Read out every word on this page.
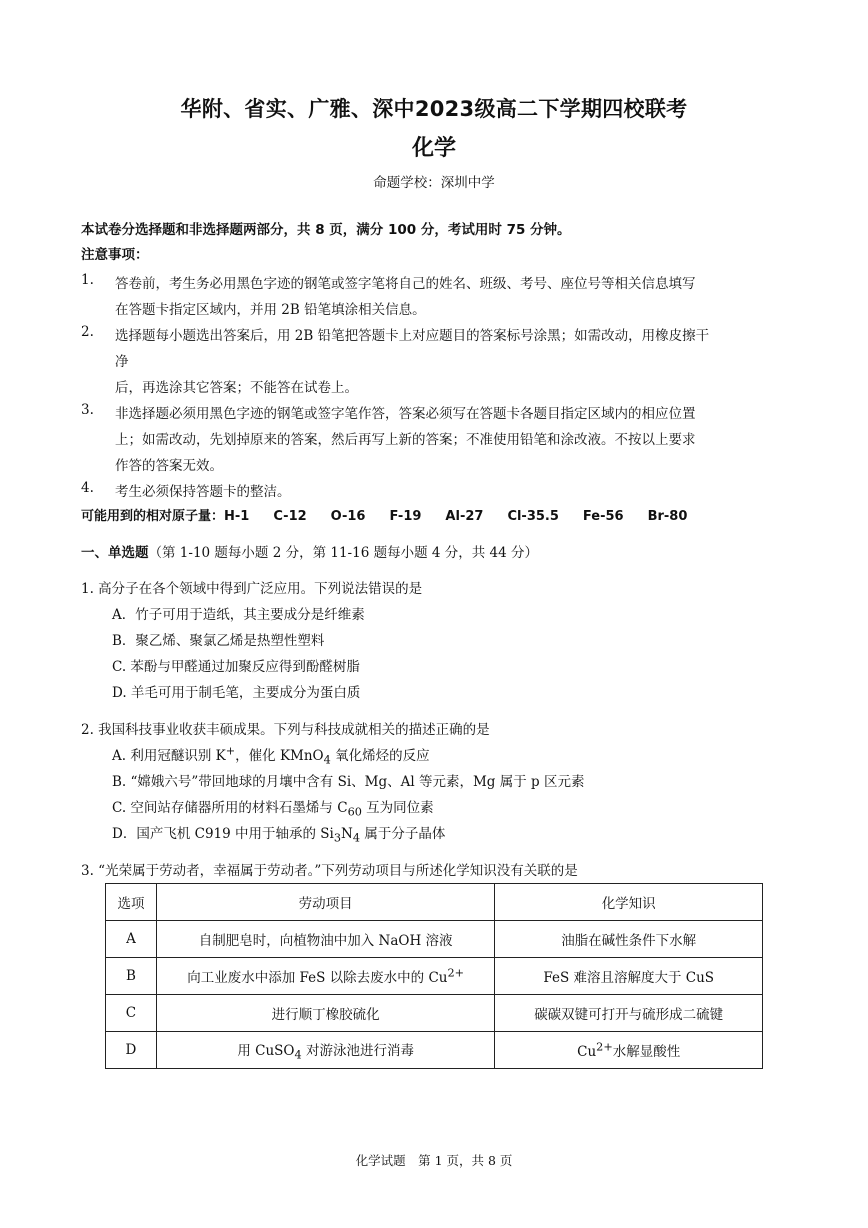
华附、省实、广雅、深中2023级高二下学期四校联考
化学
命题学校：深圳中学
本试卷分选择题和非选择题两部分，共 8 页，满分 100 分，考试用时 75 分钟。
注意事项：
1. 答卷前，考生务必用黑色字迹的钢笔或签字笔将自己的姓名、班级、考号、座位号等相关信息填写
在答题卡指定区域内，并用 2B 铅笔填涂相关信息。
2. 选择题每小题选出答案后，用 2B 铅笔把答题卡上对应题目的答案标号涂黑；如需改动，用橡皮擦干
净
后，再选涂其它答案；不能答在试卷上。
3. 非选择题必须用黑色字迹的钢笔或签字笔作答，答案必须写在答题卡各题目指定区域内的相应位置
上；如需改动，先划掉原来的答案，然后再写上新的答案；不准使用铅笔和涂改液。不按以上要求
作答的答案无效。
4. 考生必须保持答题卡的整洁。
可能用到的相对原子量：H-1 C-12 O-16 F-19 Al-27 Cl-35.5 Fe-56 Br-80
一、单选题（第 1-10 题每小题 2 分，第 11-16 题每小题 4 分，共 44 分）
1. 高分子在各个领域中得到广泛应用。下列说法错误的是
A．竹子可用于造纸，其主要成分是纤维素
B．聚乙烯、聚氯乙烯是热塑性塑料
C. 苯酚与甲醛通过加聚反应得到酚醛树脂
D. 羊毛可用于制毛笔，主要成分为蛋白质
2. 我国科技事业收获丰硕成果。下列与科技成就相关的描述正确的是
A. 利用冠醚识别 K+，催化 KMnO$_4$ 氧化烯烃的反应
B. “嫦娥六号”带回地球的月壤中含有 Si、Mg、Al 等元素，Mg 属于 p 区元素
C. 空间站存储器所用的材料石墨烯与 $C_{60}$ 互为同位素
D．国产飞机 C919 中用于轴承的 $Si_3N_4$ 属于分子晶体
3. “光荣属于劳动者，幸福属于劳动者。”下列劳动项目与所述化学知识没有关联的是
选项	劳动项目	化学知识
A	自制肥皂时，向植物油中加入 NaOH 溶液	油脂在碱性条件下水解
B	向工业废水中添加 FeS 以除去废水中的 $Cu^{2+}$	FeS 难溶且溶解度大于 CuS
C	进行顺丁橡胶硫化	碳碳双键可打开与硫形成二硫键
D	用 CuSO$_4$ 对游泳池进行消毒	$Cu^{2+}$水解显酸性
化学试题　第 1 页，共 8 页
